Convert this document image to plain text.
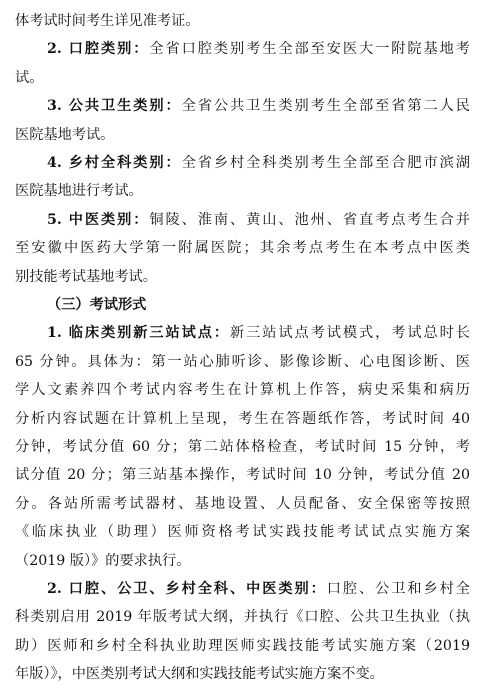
体考试时间考生详见准考证。
2. 口腔类别：全省口腔类别考生全部至安医大一附院基地考
试。
3. 公共卫生类别：全省公共卫生类别考生全部至省第二人民
医院基地考试。
4. 乡村全科类别：全省乡村全科类别考生全部至合肥市滨湖
医院基地进行考试。
5. 中医类别：铜陵、淮南、黄山、池州、省直考点考生合并
至安徽中医药大学第一附属医院；其余考点考生在本考点中医类
别技能考试基地考试。
（三）考试形式
1. 临床类别新三站试点：新三站试点考试模式，考试总时长
65 分钟。具体为：第一站心肺听诊、影像诊断、心电图诊断、医
学人文素养四个考试内容考生在计算机上作答，病史采集和病历
分析内容试题在计算机上呈现，考生在答题纸作答，考试时间 40
分钟，考试分值 60 分；第二站体格检查，考试时间 15 分钟，考
试分值 20 分；第三站基本操作，考试时间 10 分钟，考试分值 20
分。各站所需考试器材、基地设置、人员配备、安全保密等按照
《临床执业（助理）医师资格考试实践技能考试试点实施方案
（2019 版）》的要求执行。
2. 口腔、公卫、乡村全科、中医类别：口腔、公卫和乡村全
科类别启用 2019 年版考试大纲，并执行《口腔、公共卫生执业（执
助）医师和乡村全科执业助理医师实践技能考试实施方案（2019
年版）》，中医类别考试大纲和实践技能考试实施方案不变。
